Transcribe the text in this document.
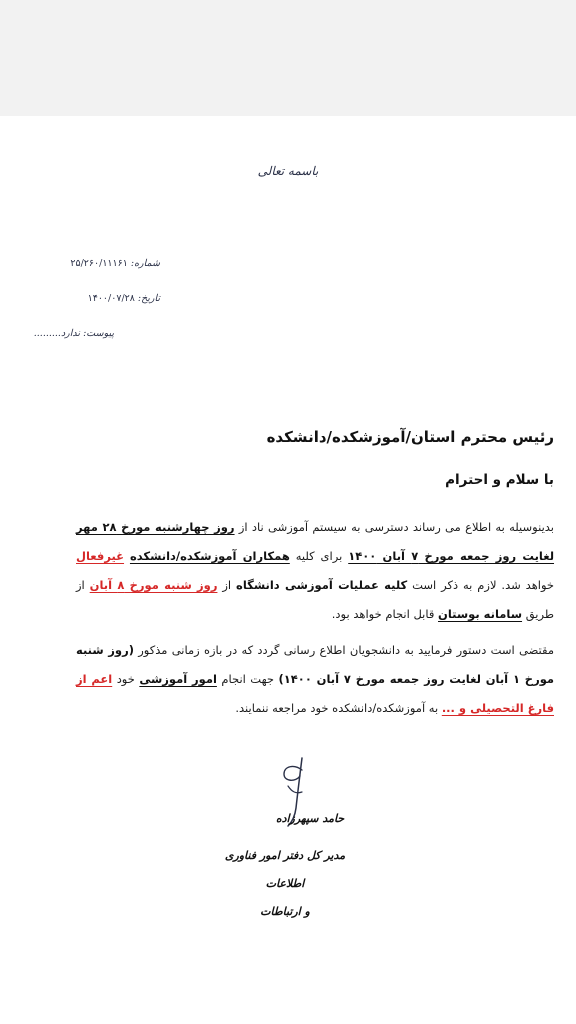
باسمه تعالی
شماره: ۲۵/۲۶۰/۱۱۱۶۱
تاریخ: ۱۴۰۰/۰۷/۲۸
پیوست: ندارد.........
رئیس محترم استان/آموزشکده/دانشکده
با سلام و احترام
بدینوسیله به اطلاع می رساند دسترسی به سیستم آموزشی ناد از روز چهارشنبه مورخ ۲۸ مهر لغایت روز جمعه مورخ ۷ آبان ۱۴۰۰ برای کلیه همکاران آموزشکده/دانشکده غیرفعال خواهد شد. لازم به ذکر است کلیه عملیات آموزشی دانشگاه از روز شنبه مورخ ۸ آبان از طریق سامانه بوستان قابل انجام خواهد بود.
مقتضی است دستور فرمایید به دانشجویان اطلاع رسانی گردد که در بازه زمانی مذکور (روز شنبه مورخ ۱ آبان لغایت روز جمعه مورخ ۷ آبان ۱۴۰۰) جهت انجام امور آموزشی خود اعم از فارغ التحصیلی و ... به آموزشکده/دانشکده خود مراجعه ننمایند.
حامد سپهرزاده
مدیر کل دفتر امور فناوری اطلاعات
و ارتباطات
